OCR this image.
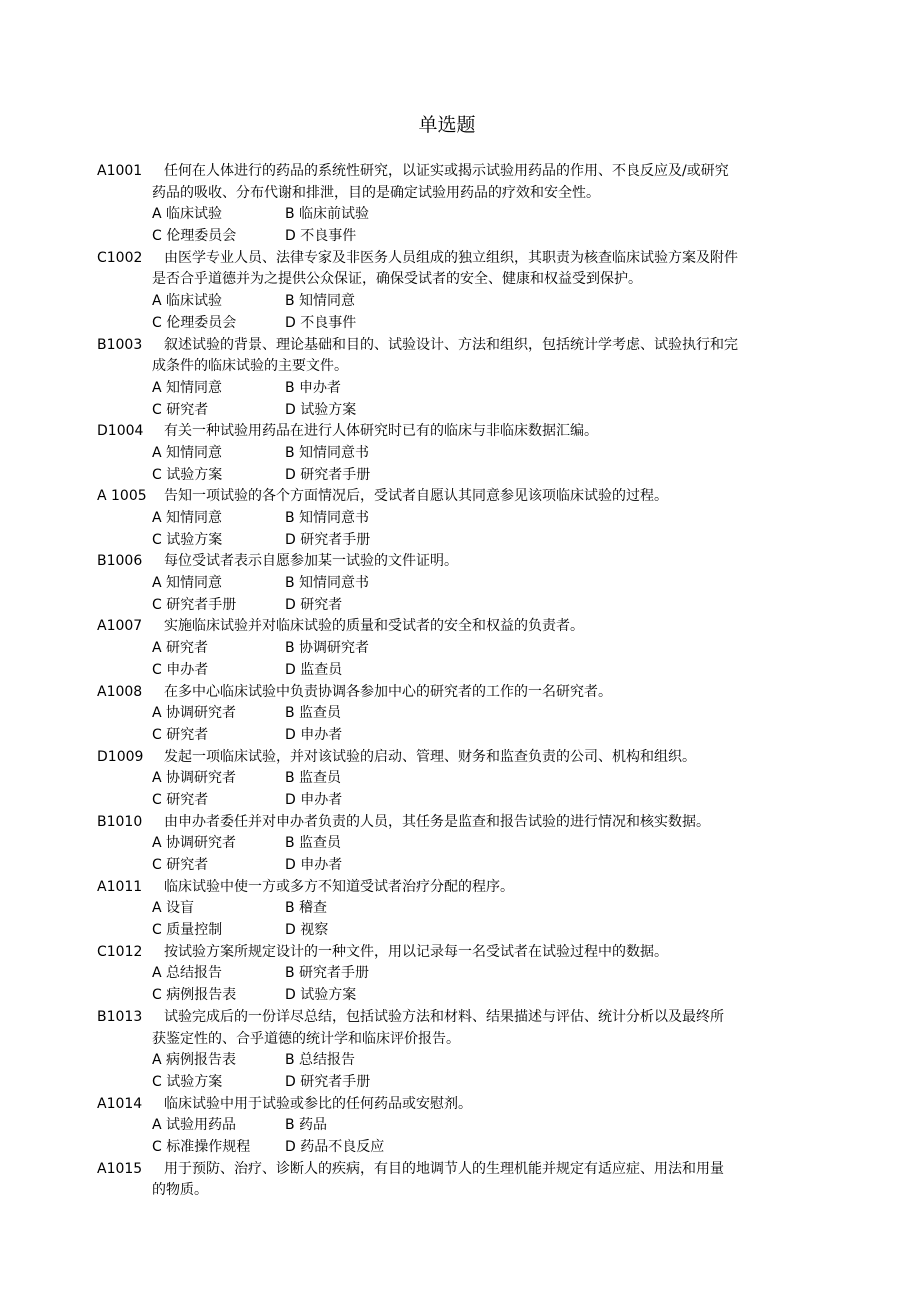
单选题
A1001 任何在人体进行的药品的系统性研究，以证实或揭示试验用药品的作用、不良反应及/或研究
药品的吸收、分布代谢和排泄，目的是确定试验用药品的疗效和安全性。
A 临床试验	B 临床前试验
C 伦理委员会	D 不良事件
C1002 由医学专业人员、法律专家及非医务人员组成的独立组织，其职责为核查临床试验方案及附件
是否合乎道德并为之提供公众保证，确保受试者的安全、健康和权益受到保护。
A 临床试验	B 知情同意
C 伦理委员会	D 不良事件
B1003 叙述试验的背景、理论基础和目的、试验设计、方法和组织，包括统计学考虑、试验执行和完
成条件的临床试验的主要文件。
A 知情同意	B 申办者
C 研究者	D 试验方案
D1004 有关一种试验用药品在进行人体研究时已有的临床与非临床数据汇编。
A 知情同意	B 知情同意书
C 试验方案	D 研究者手册
A 1005 告知一项试验的各个方面情况后，受试者自愿认其同意参见该项临床试验的过程。
A 知情同意	B 知情同意书
C 试验方案	D 研究者手册
B1006 每位受试者表示自愿参加某一试验的文件证明。
A 知情同意	B 知情同意书
C 研究者手册	D 研究者
A1007 实施临床试验并对临床试验的质量和受试者的安全和权益的负责者。
A 研究者	B 协调研究者
C 申办者	D 监查员
A1008 在多中心临床试验中负责协调各参加中心的研究者的工作的一名研究者。
A 协调研究者	B 监查员
C 研究者	D 申办者
D1009 发起一项临床试验，并对该试验的启动、管理、财务和监查负责的公司、机构和组织。
A 协调研究者	B 监查员
C 研究者	D 申办者
B1010 由申办者委任并对申办者负责的人员，其任务是监查和报告试验的进行情况和核实数据。
A 协调研究者	B 监查员
C 研究者	D 申办者
A1011 临床试验中使一方或多方不知道受试者治疗分配的程序。
A 设盲	B 稽查
C 质量控制	D 视察
C1012 按试验方案所规定设计的一种文件，用以记录每一名受试者在试验过程中的数据。
A 总结报告	B 研究者手册
C 病例报告表	D 试验方案
B1013 试验完成后的一份详尽总结，包括试验方法和材料、结果描述与评估、统计分析以及最终所
获鉴定性的、合乎道德的统计学和临床评价报告。
A 病例报告表	B 总结报告
C 试验方案	D 研究者手册
A1014 临床试验中用于试验或参比的任何药品或安慰剂。
A 试验用药品	B 药品
C 标准操作规程 D 药品不良反应
A1015 用于预防、治疗、诊断人的疾病，有目的地调节人的生理机能并规定有适应症、用法和用量
的物质。
